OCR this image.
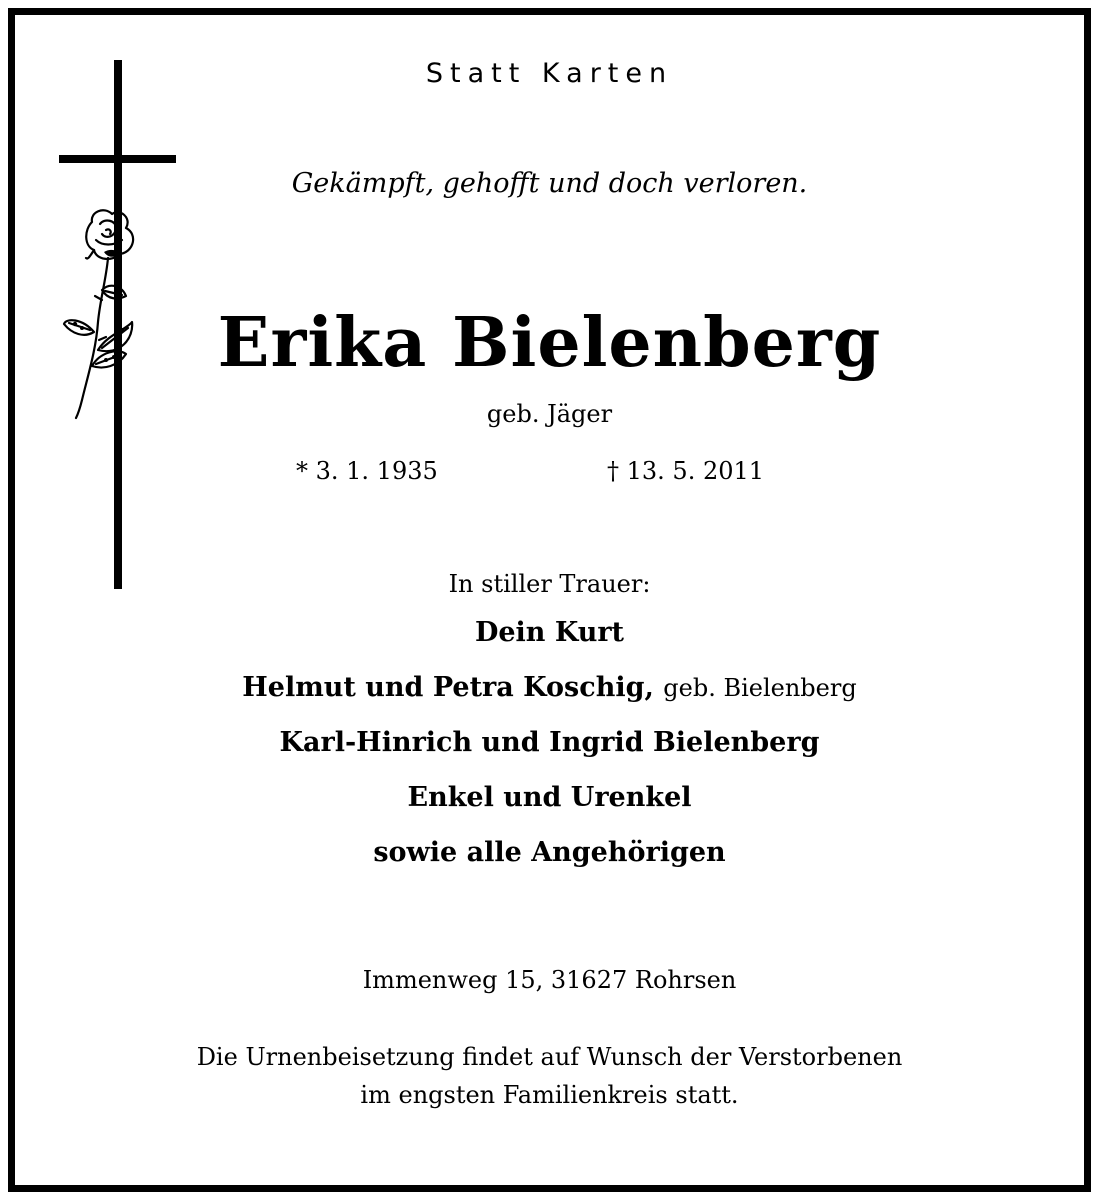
Statt Karten
Gekämpft, gehofft und doch verloren.
Erika Bielenberg
geb. Jäger
* 3. 1. 1935	† 13. 5. 2011
In stiller Trauer:
Dein Kurt
Helmut und Petra Koschig, geb. Bielenberg
Karl-Hinrich und Ingrid Bielenberg
Enkel und Urenkel
sowie alle Angehörigen
Immenweg 15, 31627 Rohrsen
Die Urnenbeisetzung findet auf Wunsch der Verstorbenen
im engsten Familienkreis statt.
